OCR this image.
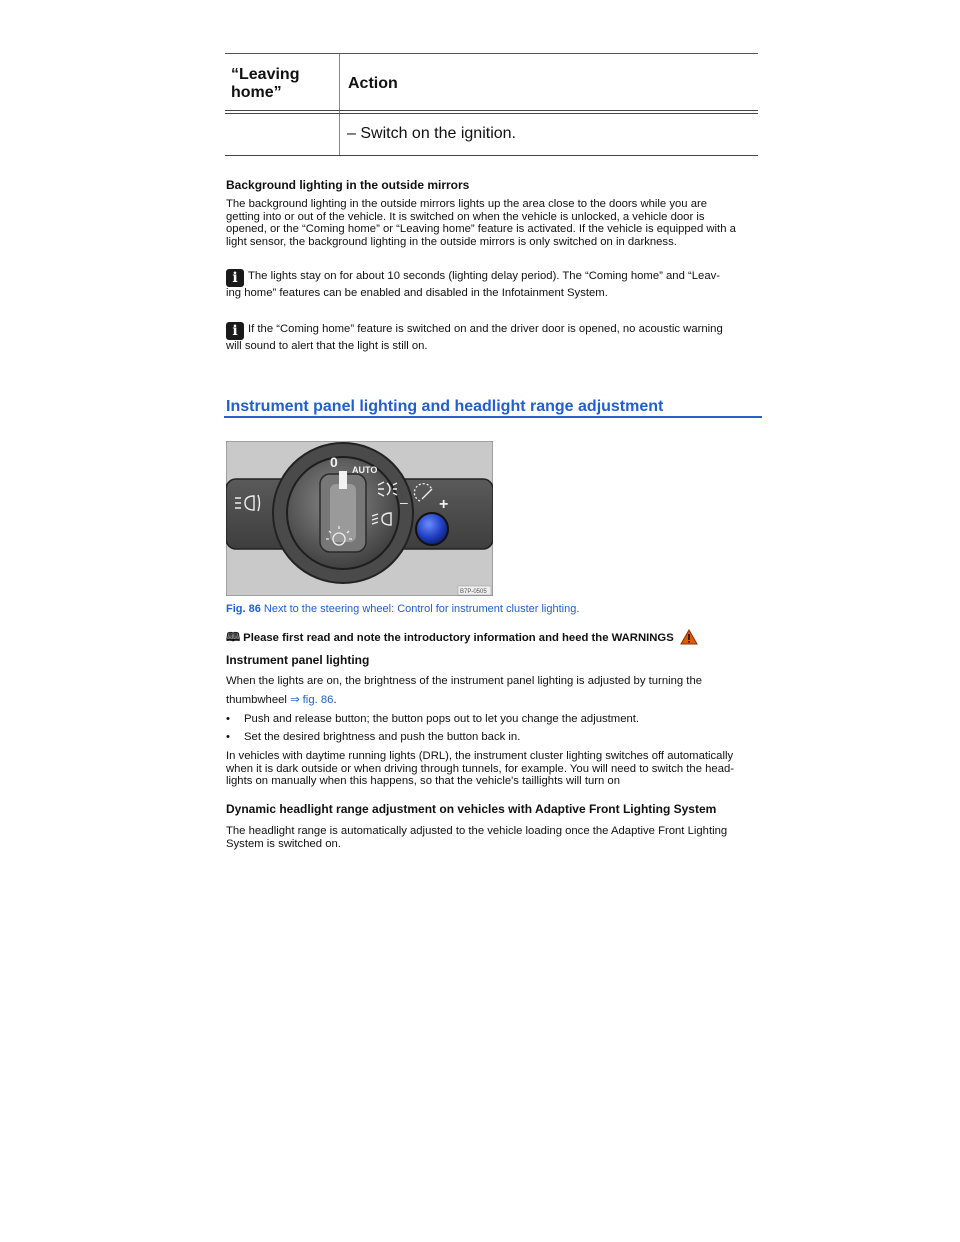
“Leaving home”
Action
– Switch on the ignition.
Background lighting in the outside mirrors
The background lighting in the outside mirrors lights up the area close to the doors while you are
getting into or out of the vehicle. It is switched on when the vehicle is unlocked, a vehicle door is
opened, or the “Coming home” or “Leaving home” feature is activated. If the vehicle is equipped with a
light sensor, the background lighting in the outside mirrors is only switched on in darkness.
i The lights stay on for about 10 seconds (lighting delay period). The “Coming home” and “Leav-
ing home” features can be enabled and disabled in the Infotainment System.
i If the “Coming home” feature is switched on and the driver door is opened, no acoustic warning
will sound to alert that the light is still on.
Instrument panel lighting and headlight range adjustment
0 AUTO
– +
B7P-0505
Fig. 86 Next to the steering wheel: Control for instrument cluster lighting.
🕮 Please first read and note the introductory information and heed the WARNINGS
Instrument panel lighting
When the lights are on, the brightness of the instrument panel lighting is adjusted by turning the
thumbwheel ⇒ fig. 86.
• Push and release button; the button pops out to let you change the adjustment.
• Set the desired brightness and push the button back in.
In vehicles with daytime running lights (DRL), the instrument cluster lighting switches off automatically
when it is dark outside or when driving through tunnels, for example. You will need to switch the head-
lights on manually when this happens, so that the vehicle's taillights will turn on
Dynamic headlight range adjustment on vehicles with Adaptive Front Lighting System
The headlight range is automatically adjusted to the vehicle loading once the Adaptive Front Lighting
System is switched on.
